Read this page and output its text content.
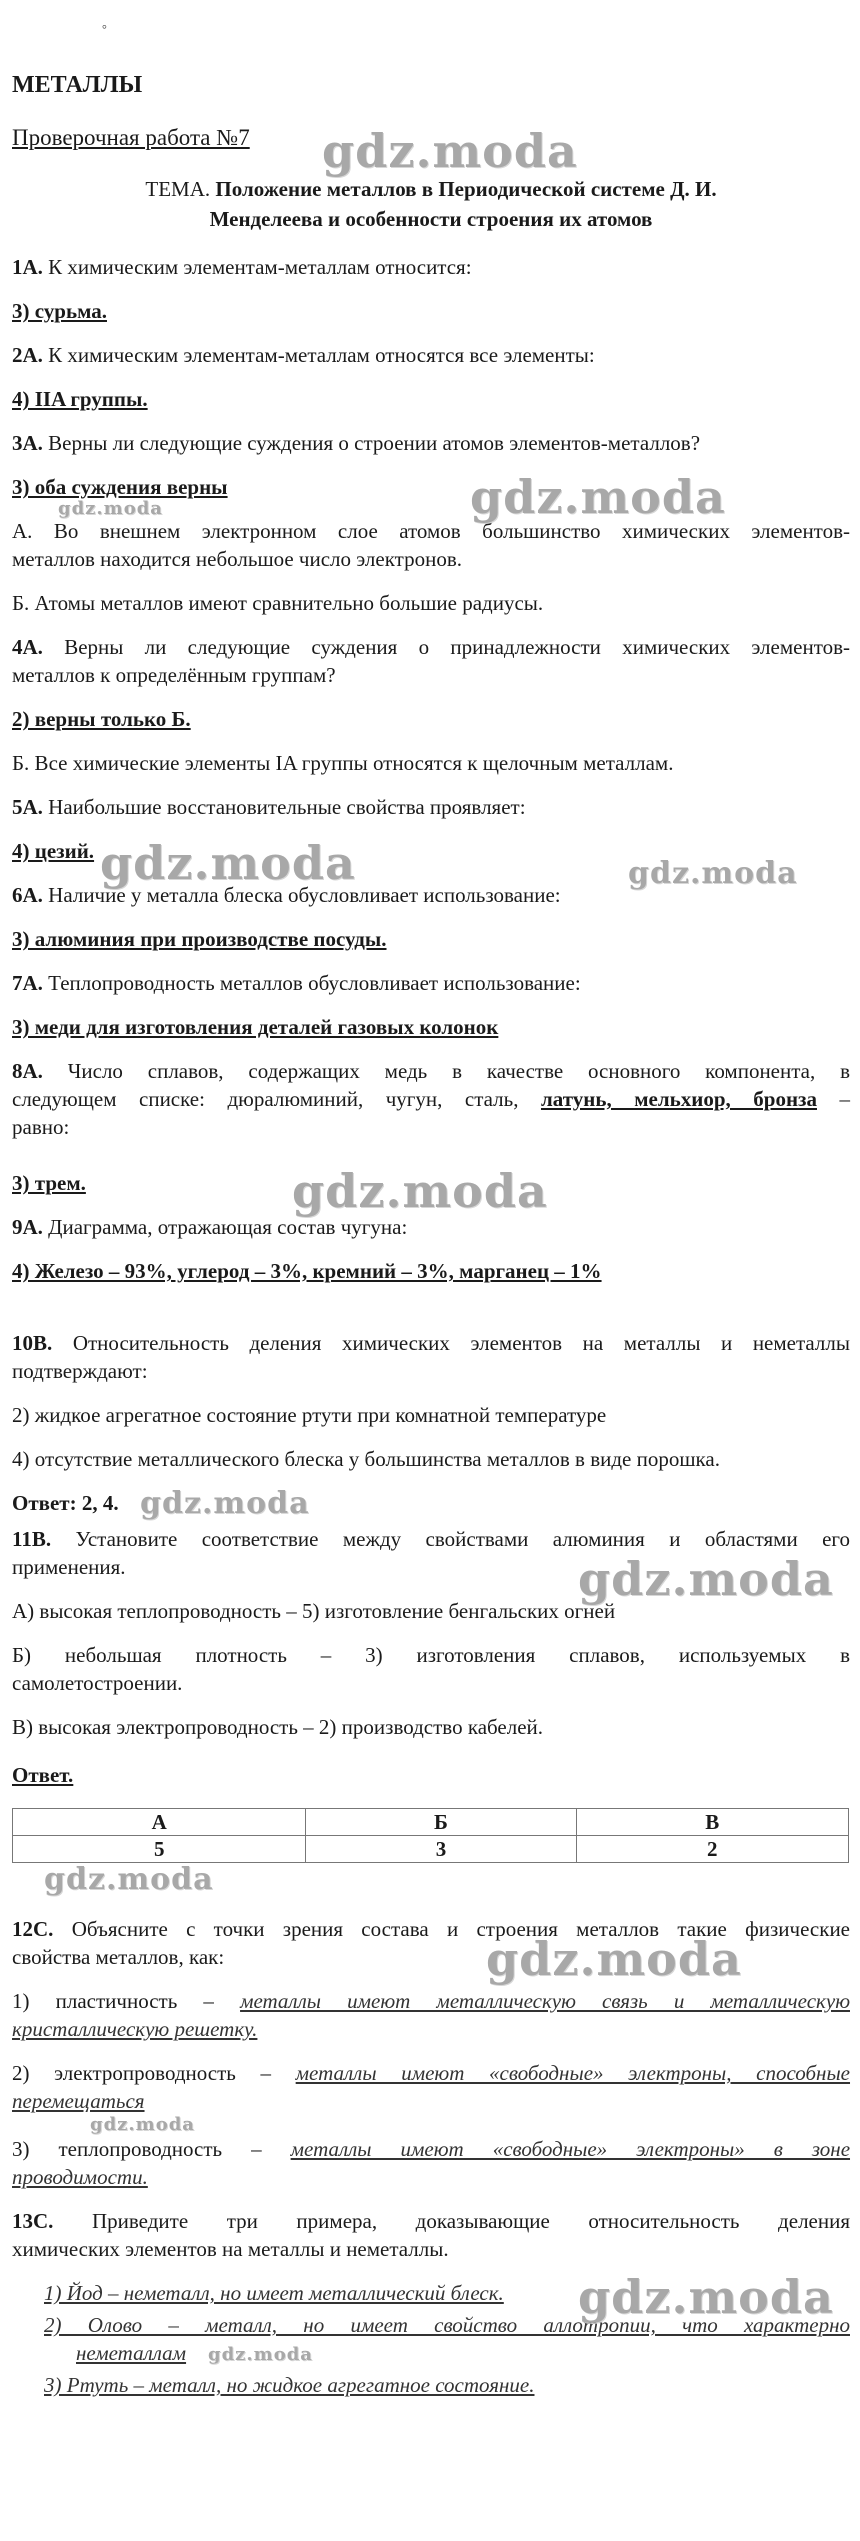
°
МЕТАЛЛЫ
Проверочная работа №7
ТЕМА. Положение металлов в Периодической системе Д. И.
Менделеева и особенности строения их атомов
1А. К химическим элементам-металлам относится:
3) сурьма.
2А. К химическим элементам-металлам относятся все элементы:
4) IIA группы.
3А. Верны ли следующие суждения о строении атомов элементов-металлов?
3) оба суждения верны
А. Во внешнем электронном слое атомов большинство химических элементов-
металлов находится небольшое число электронов.
Б. Атомы металлов имеют сравнительно большие радиусы.
4А. Верны ли следующие суждения о принадлежности химических элементов-
металлов к определённым группам?
2) верны только Б.
Б. Все химические элементы IA группы относятся к щелочным металлам.
5А. Наибольшие восстановительные свойства проявляет:
4) цезий.
6А. Наличие у металла блеска обусловливает использование:
3) алюминия при производстве посуды.
7А. Теплопроводность металлов обусловливает использование:
3) меди для изготовления деталей газовых колонок
8А. Число сплавов, содержащих медь в качестве основного компонента, в
следующем списке: дюралюминий, чугун, сталь, латунь, мельхиор, бронза –
равно:
3) трем.
9А. Диаграмма, отражающая состав чугуна:
4) Железо – 93%, углерод – 3%, кремний – 3%, марганец – 1%
10В. Относительность деления химических элементов на металлы и неметаллы
подтверждают:
2) жидкое агрегатное состояние ртути при комнатной температуре
4) отсутствие металлического блеска у большинства металлов в виде порошка.
Ответ: 2, 4.
11В. Установите соответствие между свойствами алюминия и областями его
применения.
А) высокая теплопроводность – 5) изготовление бенгальских огней
Б) небольшая плотность – 3) изготовления сплавов, используемых в
самолетостроении.
В) высокая электропроводность – 2) производство кабелей.
Ответ.
А	Б	В
5	3	2
12С. Объясните с точки зрения состава и строения металлов такие физические
свойства металлов, как:
1) пластичность – металлы имеют металлическую связь и металлическую
кристаллическую решетку.
2) электропроводность – металлы имеют «свободные» электроны, способные
перемещаться
3) теплопроводность – металлы имеют «свободные» электроны» в зоне
проводимости.
13С. Приведите три примера, доказывающие относительность деления
химических элементов на металлы и неметаллы.
1) Йод – неметалл, но имеет металлический блеск.
2) Олово – металл, но имеет свойство аллотропии, что характерно
неметаллам
3) Ртуть – металл, но жидкое агрегатное состояние.
gdz.moda
gdz.moda	gdz.moda
gdz.moda	gdz.moda
gdz.moda
gdz.moda
gdz.moda
gdz.moda
gdz.moda
gdz.moda
gdz.moda
gdz.moda
